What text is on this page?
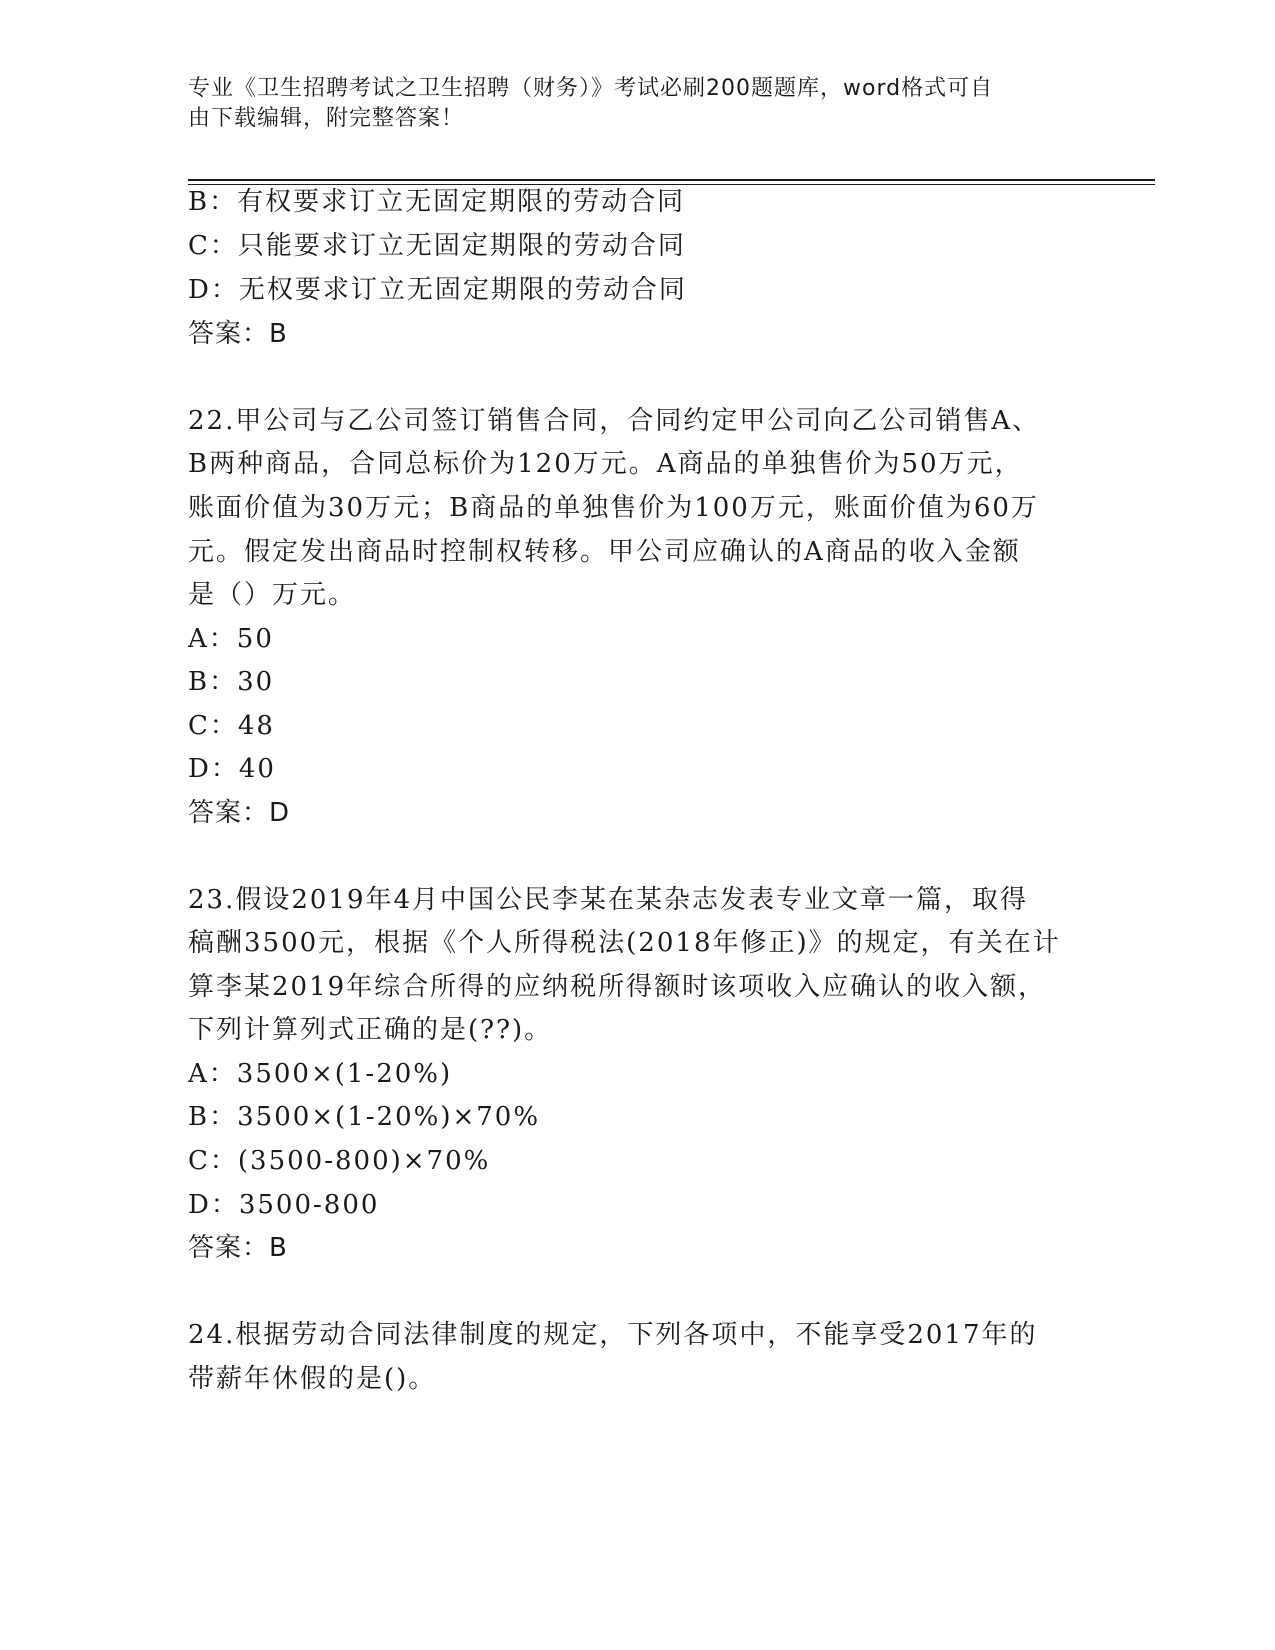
专业《卫生招聘考试之卫生招聘（财务）》考试必刷200题题库，word格式可自
由下载编辑，附完整答案！
B：有权要求订立无固定期限的劳动合同
C：只能要求订立无固定期限的劳动合同
D：无权要求订立无固定期限的劳动合同
答案：B
22.甲公司与乙公司签订销售合同，合同约定甲公司向乙公司销售A、
B两种商品，合同总标价为120万元。A商品的单独售价为50万元，
账面价值为30万元；B商品的单独售价为100万元，账面价值为60万
元。假定发出商品时控制权转移。甲公司应确认的A商品的收入金额
是（）万元。
A：50
B：30
C：48
D：40
答案：D
23.假设2019年4月中国公民李某在某杂志发表专业文章一篇，取得
稿酬3500元，根据《个人所得税法(2018年修正)》的规定，有关在计
算李某2019年综合所得的应纳税所得额时该项收入应确认的收入额，
下列计算列式正确的是(??)。
A：3500×(1-20%)
B：3500×(1-20%)×70%
C：(3500-800)×70%
D：3500-800
答案：B
24.根据劳动合同法律制度的规定，下列各项中，不能享受2017年的
带薪年休假的是()。
